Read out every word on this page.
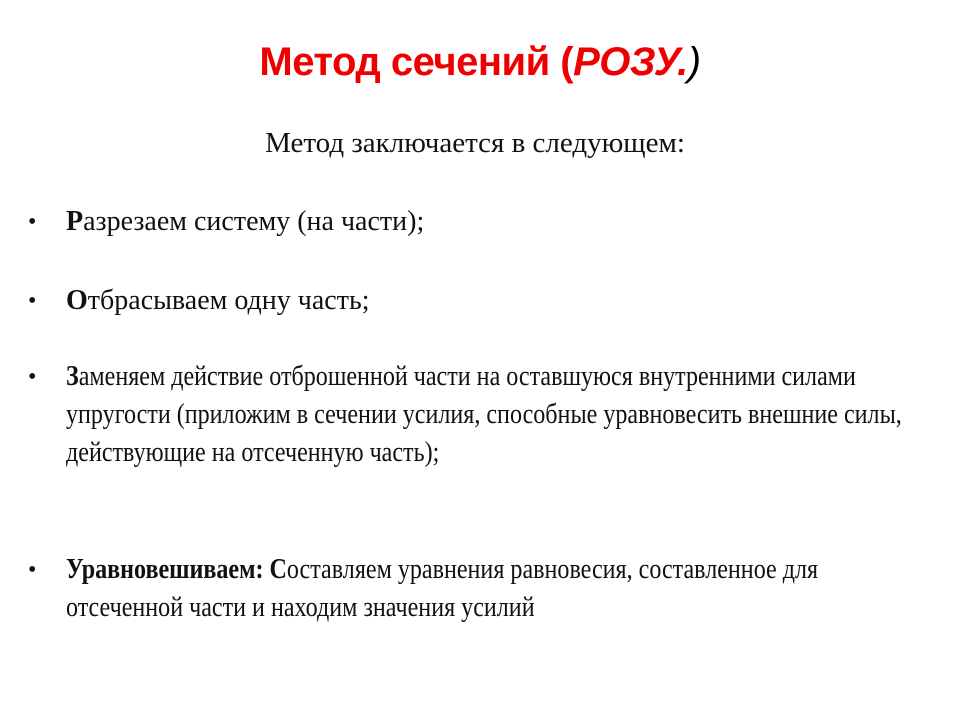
Метод сечений (РОЗУ.)
Метод заключается в следующем:
• Разрезаем систему (на части);
• Отбрасываем одну часть;
• Заменяем действие отброшенной части на оставшуюся внутренними силами упругости (приложим в сечении усилия, способные уравновесить внешние силы, действующие на отсеченную часть);
• Уравновешиваем: Составляем уравнения равновесия, составленное для отсеченной части и находим значения усилий
